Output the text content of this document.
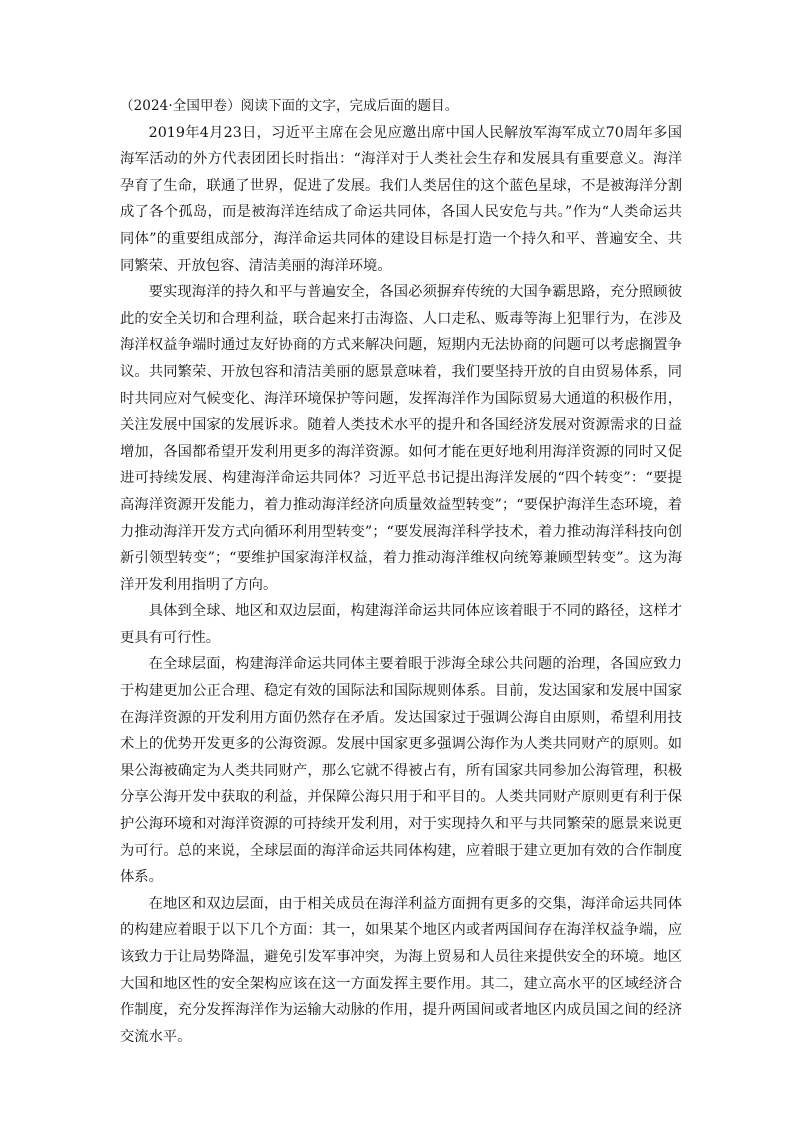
（2024·全国甲卷）阅读下面的文字，完成后面的题目。

2019年4月23日，习近平主席在会见应邀出席中国人民解放军海军成立70周年多国海军活动的外方代表团团长时指出：“海洋对于人类社会生存和发展具有重要意义。海洋孕育了生命，联通了世界，促进了发展。我们人类居住的这个蓝色星球，不是被海洋分割成了各个孤岛，而是被海洋连结成了命运共同体，各国人民安危与共。”作为“人类命运共同体”的重要组成部分，海洋命运共同体的建设目标是打造一个持久和平、普遍安全、共同繁荣、开放包容、清洁美丽的海洋环境。

要实现海洋的持久和平与普遍安全，各国必须摒弃传统的大国争霸思路，充分照顾彼此的安全关切和合理利益，联合起来打击海盗、人口走私、贩毒等海上犯罪行为，在涉及海洋权益争端时通过友好协商的方式来解决问题，短期内无法协商的问题可以考虑搁置争议。共同繁荣、开放包容和清洁美丽的愿景意味着，我们要坚持开放的自由贸易体系，同时共同应对气候变化、海洋环境保护等问题，发挥海洋作为国际贸易大通道的积极作用，关注发展中国家的发展诉求。随着人类技术水平的提升和各国经济发展对资源需求的日益增加，各国都希望开发利用更多的海洋资源。如何才能在更好地利用海洋资源的同时又促进可持续发展、构建海洋命运共同体？习近平总书记提出海洋发展的“四个转变”：“要提高海洋资源开发能力，着力推动海洋经济向质量效益型转变”；“要保护海洋生态环境，着力推动海洋开发方式向循环利用型转变”；“要发展海洋科学技术，着力推动海洋科技向创新引领型转变”；“要维护国家海洋权益，着力推动海洋维权向统筹兼顾型转变”。这为海洋开发利用指明了方向。

具体到全球、地区和双边层面，构建海洋命运共同体应该着眼于不同的路径，这样才更具有可行性。

在全球层面，构建海洋命运共同体主要着眼于涉海全球公共问题的治理，各国应致力于构建更加公正合理、稳定有效的国际法和国际规则体系。目前，发达国家和发展中国家在海洋资源的开发利用方面仍然存在矛盾。发达国家过于强调公海自由原则，希望利用技术上的优势开发更多的公海资源。发展中国家更多强调公海作为人类共同财产的原则。如果公海被确定为人类共同财产，那么它就不得被占有，所有国家共同参加公海管理，积极分享公海开发中获取的利益，并保障公海只用于和平目的。人类共同财产原则更有利于保护公海环境和对海洋资源的可持续开发利用，对于实现持久和平与共同繁荣的愿景来说更为可行。总的来说，全球层面的海洋命运共同体构建，应着眼于建立更加有效的合作制度体系。

在地区和双边层面，由于相关成员在海洋利益方面拥有更多的交集，海洋命运共同体的构建应着眼于以下几个方面：其一，如果某个地区内或者两国间存在海洋权益争端，应该致力于让局势降温，避免引发军事冲突，为海上贸易和人员往来提供安全的环境。地区大国和地区性的安全架构应该在这一方面发挥主要作用。其二，建立高水平的区域经济合作制度，充分发挥海洋作为运输大动脉的作用，提升两国间或者地区内成员国之间的经济交流水平。
